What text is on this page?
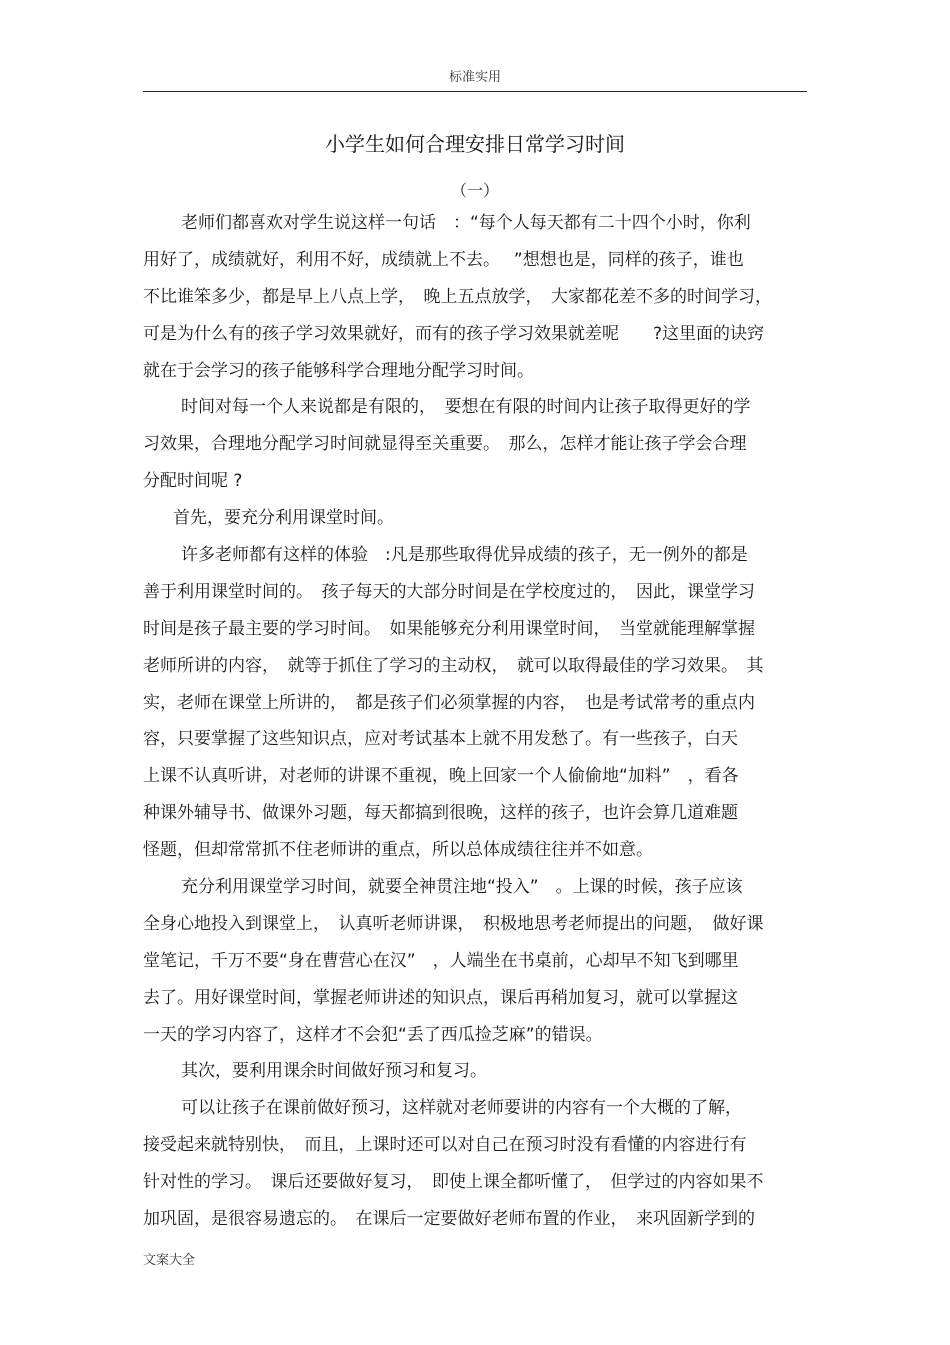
标准实用
小学生如何合理安排日常学习时间
（一）
老师们都喜欢对学生说这样一句话　：“每个人每天都有二十四个小时，你利
用好了，成绩就好，利用不好，成绩就上不去。　 ”想想也是，同样的孩子，谁也
不比谁笨多少，都是早上八点上学，　晚上五点放学，　大家都花差不多的时间学习，
可是为什么有的孩子学习效果就好，而有的孩子学习效果就差呢　　?这里面的诀窍
就在于会学习的孩子能够科学合理地分配学习时间。
时间对每一个人来说都是有限的，　要想在有限的时间内让孩子取得更好的学
习效果，合理地分配学习时间就显得至关重要。　那么，怎样才能让孩子学会合理
分配时间呢 ?
首先，要充分利用课堂时间。
许多老师都有这样的体验　:凡是那些取得优异成绩的孩子，无一例外的都是
善于利用课堂时间的。　孩子每天的大部分时间是在学校度过的，　因此，课堂学习
时间是孩子最主要的学习时间。　如果能够充分利用课堂时间，　当堂就能理解掌握
老师所讲的内容，　就等于抓住了学习的主动权，　就可以取得最佳的学习效果。　其
实，老师在课堂上所讲的，　都是孩子们必须掌握的内容，　也是考试常考的重点内
容，只要掌握了这些知识点，应对考试基本上就不用发愁了。有一些孩子，白天
上课不认真听讲，对老师的讲课不重视，晚上回家一个人偷偷地“加料”　，看各
种课外辅导书、做课外习题，每天都搞到很晚，这样的孩子，也许会算几道难题
怪题，但却常常抓不住老师讲的重点，所以总体成绩往往并不如意。
充分利用课堂学习时间，就要全神贯注地“投入”　。上课的时候，孩子应该
全身心地投入到课堂上，　认真听老师讲课，　积极地思考老师提出的问题，　做好课
堂笔记，千万不要“身在曹营心在汉”　，人端坐在书桌前，心却早不知飞到哪里
去了。用好课堂时间，掌握老师讲述的知识点，课后再稍加复习，就可以掌握这
一天的学习内容了，这样才不会犯“丢了西瓜捡芝麻”的错误。
其次，要利用课余时间做好预习和复习。
可以让孩子在课前做好预习，这样就对老师要讲的内容有一个大概的了解，
接受起来就特别快，　而且，上课时还可以对自己在预习时没有看懂的内容进行有
针对性的学习。　课后还要做好复习，　即使上课全都听懂了，　但学过的内容如果不
加巩固，是很容易遗忘的。　在课后一定要做好老师布置的作业，　来巩固新学到的
文案大全
